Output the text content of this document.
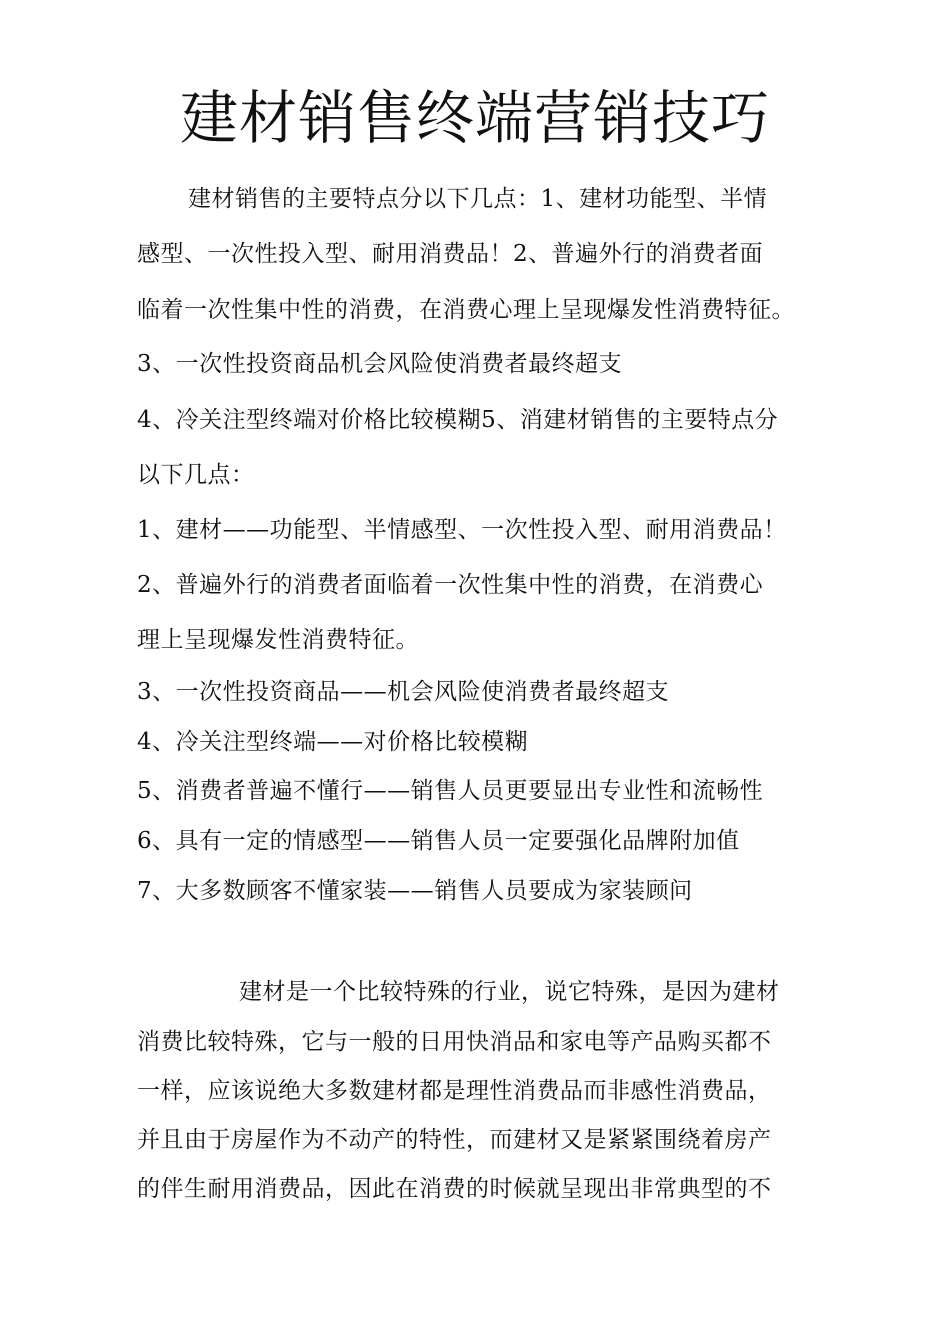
建材销售终端营销技巧
建材销售的主要特点分以下几点：1、建材功能型、半情
感型、一次性投入型、耐用消费品！2、普遍外行的消费者面
临着一次性集中性的消费，在消费心理上呈现爆发性消费特征。
3、一次性投资商品机会风险使消费者最终超支
4、冷关注型终端对价格比较模糊5、消建材销售的主要特点分
以下几点：
1、建材——功能型、半情感型、一次性投入型、耐用消费品！
2、普遍外行的消费者面临着一次性集中性的消费，在消费心
理上呈现爆发性消费特征。
3、一次性投资商品——机会风险使消费者最终超支
4、冷关注型终端——对价格比较模糊
5、消费者普遍不懂行——销售人员更要显出专业性和流畅性
6、具有一定的情感型——销售人员一定要强化品牌附加值
7、大多数顾客不懂家装——销售人员要成为家装顾问
建材是一个比较特殊的行业，说它特殊，是因为建材
消费比较特殊，它与一般的日用快消品和家电等产品购买都不
一样，应该说绝大多数建材都是理性消费品而非感性消费品，
并且由于房屋作为不动产的特性，而建材又是紧紧围绕着房产
的伴生耐用消费品，因此在消费的时候就呈现出非常典型的不
